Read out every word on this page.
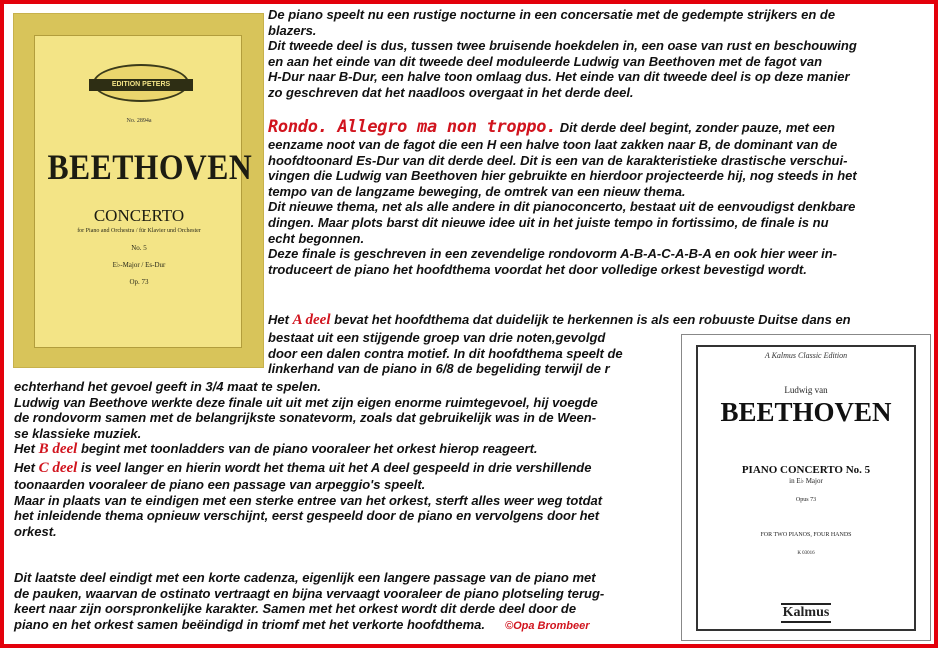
EDITION PETERS
No. 2894a
BEETHOVEN
CONCERTO
for Piano and Orchestra / für Klavier und Orchester
No. 5
E♭-Major / Es-Dur
Op. 73
De piano speelt nu een rustige nocturne in een concersatie met de gedempte strijkers en de
blazers.
Dit tweede deel is dus, tussen twee bruisende hoekdelen in, een oase van rust en beschouwing
en aan het einde van dit tweede deel moduleerde Ludwig van Beethoven met de fagot van
H-Dur naar B-Dur, een halve toon omlaag dus. Het einde van dit tweede deel is op deze manier
zo geschreven dat het naadloos overgaat in het derde deel.
Rondo. Allegro ma non troppo. Dit derde deel begint, zonder pauze, met een
eenzame noot van de fagot die een H een halve toon laat zakken naar B, de dominant van de
hoofdtoonard Es-Dur van dit derde deel. Dit is een van de karakteristieke drastische verschui-
vingen die Ludwig van Beethoven hier gebruikte en hierdoor projecteerde hij, nog steeds in het
tempo van de langzame beweging, de omtrek van een nieuw thema.
Dit nieuwe thema, net als alle andere in dit pianoconcerto, bestaat uit de eenvoudigst denkbare
dingen. Maar plots barst dit nieuwe idee uit in het juiste tempo in fortissimo, de finale is nu
echt begonnen.
Deze finale is geschreven in een zevendelige rondovorm A-B-A-C-A-B-A en ook hier weer in-
troduceert de piano het hoofdthema voordat het door volledige orkest bevestigd wordt.
Het A deel bevat het hoofdthema dat duidelijk te herkennen is als een robuuste Duitse dans en
bestaat uit een stijgende groep van drie noten,gevolgd
door een dalen contra motief. In dit hoofdthema speelt de
linkerhand van de piano in 6/8 de begeliding terwijl de r
echterhand het gevoel geeft in 3/4 maat te spelen.
Ludwig van Beethove werkte deze finale uit uit met zijn eigen enorme ruimtegevoel, hij voegde
de rondovorm samen met de belangrijkste sonatevorm, zoals dat gebruikelijk was in de Ween-
se klassieke muziek.
Het B deel begint met toonladders van de piano vooraleer het orkest hierop reageert.
Het C deel is veel langer en hierin wordt het thema uit het A deel gespeeld in drie vershillende
toonaarden vooraleer de piano een passage van arpeggio's speelt.
Maar in plaats van te eindigen met een sterke entree van het orkest, sterft alles weer weg totdat
het inleidende thema opnieuw verschijnt, eerst gespeeld door de piano en vervolgens door het
orkest.
Dit laatste deel eindigt met een korte cadenza, eigenlijk een langere passage van de piano met
de pauken, waarvan de ostinato vertraagt en bijna vervaagt vooraleer de piano plotseling terug-
keert naar zijn oorspronkelijke karakter. Samen met het orkest wordt dit derde deel door de
piano en het orkest samen beëindigd in triomf met het verkorte hoofdthema. ©Opa Brombeer
A Kalmus Classic Edition
Ludwig van
BEETHOVEN
PIANO CONCERTO No. 5
in E♭ Major
Opus 73
FOR TWO PIANOS, FOUR HANDS
K 03016
Kalmus
